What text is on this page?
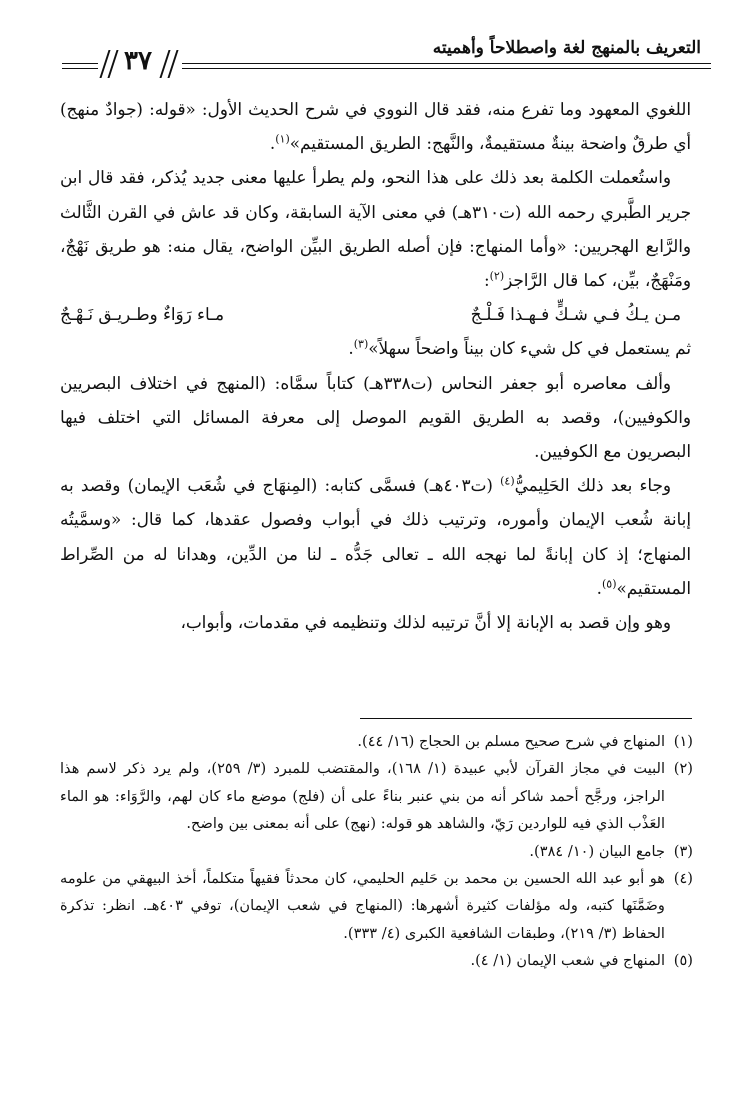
التعريف بالمنهج لغة واصطلاحاً وأهميته
٣٧

اللغوي المعهود وما تفرع منه، فقد قال النووي في شرح الحديث الأول: «قوله: (جوادٌ منهج) أي طرقٌ واضحة بينةٌ مستقيمةٌ، والنَّهج: الطريق المستقيم»$^{(١)}$.

واستُعملت الكلمة بعد ذلك على هذا النحو، ولم يطرأ عليها معنى جديد يُذكر، فقد قال ابن جرير الطَّبري رحمه الله (ت٣١٠هـ) في معنى الآية السابقة، وكان قد عاش في القرن الثَّالث والرَّابع الهجريين: «وأما المنهاج: فإن أصله الطريق البيِّن الواضح، يقال منه: هو طريق نَهْجٌ، ومَنْهَجٌ، بيِّن، كما قال الرَّاجز$^{(٢)}$:

مـن يـكُ فـي شـكٍّ فـهـذا فَـلْـجٌ
مـاء رَوَاءٌ وطـريـق نَـهْـجٌ

ثم يستعمل في كل شيء كان بيناً واضحاً سهلاً»$^{(٣)}$.

وألف معاصره أبو جعفر النحاس (ت٣٣٨هـ) كتاباً سمَّاه: (المنهج في اختلاف البصريين والكوفيين)، وقصد به الطريق القويم الموصل إلى معرفة المسائل التي اختلف فيها البصريون مع الكوفيين.

وجاء بعد ذلك الحَلِيميُّ$^{(٤)}$ (ت٤٠٣هـ) فسمَّى كتابه: (المِنهَاج في شُعَب الإيمان) وقصد به إبانة شُعب الإيمان وأموره، وترتيب ذلك في أبواب وفصول عقدها، كما قال: «وسمَّيتُه المنهاج؛ إذ كان إبانةً لما نهجه الله ـ تعالى جَدُّه ـ لنا من الدِّين، وهدانا له من الصِّراط المستقيم»$^{(٥)}$.

وهو وإن قصد به الإبانة إلا أنَّ ترتيبه لذلك وتنظيمه في مقدمات، وأبواب،

(١)
المنهاج في شرح صحيح مسلم بن الحجاج (١٦/ ٤٤).
(٢)
البيت في مجاز القرآن لأبي عبيدة (١/ ١٦٨)، والمقتضب للمبرد (٣/ ٢٥٩)، ولم يرد ذكر لاسم هذا الراجز، ورجَّح أحمد شاكر أنه من بني عنبر بناءً على أن (فلج) موضع ماء كان لهم، والرَّوَاء: هو الماء العَذْب الذي فيه للواردين رَيّ، والشاهد هو قوله: (نهج) على أنه بمعنى بين واضح.
(٣)
جامع البيان (١٠/ ٣٨٤).
(٤)
هو أبو عبد الله الحسين بن محمد بن حَليم الحليمي، كان محدثاً فقيهاً متكلماً، أخذ البيهقي من علومه وضَمَّنَها كتبه، وله مؤلفات كثيرة أشهرها: (المنهاج في شعب الإيمان)، توفي ٤٠٣هـ. انظر: تذكرة الحفاظ (٣/ ٢١٩)، وطبقات الشافعية الكبرى (٤/ ٣٣٣).
(٥)
المنهاج في شعب الإيمان (١/ ٤).
